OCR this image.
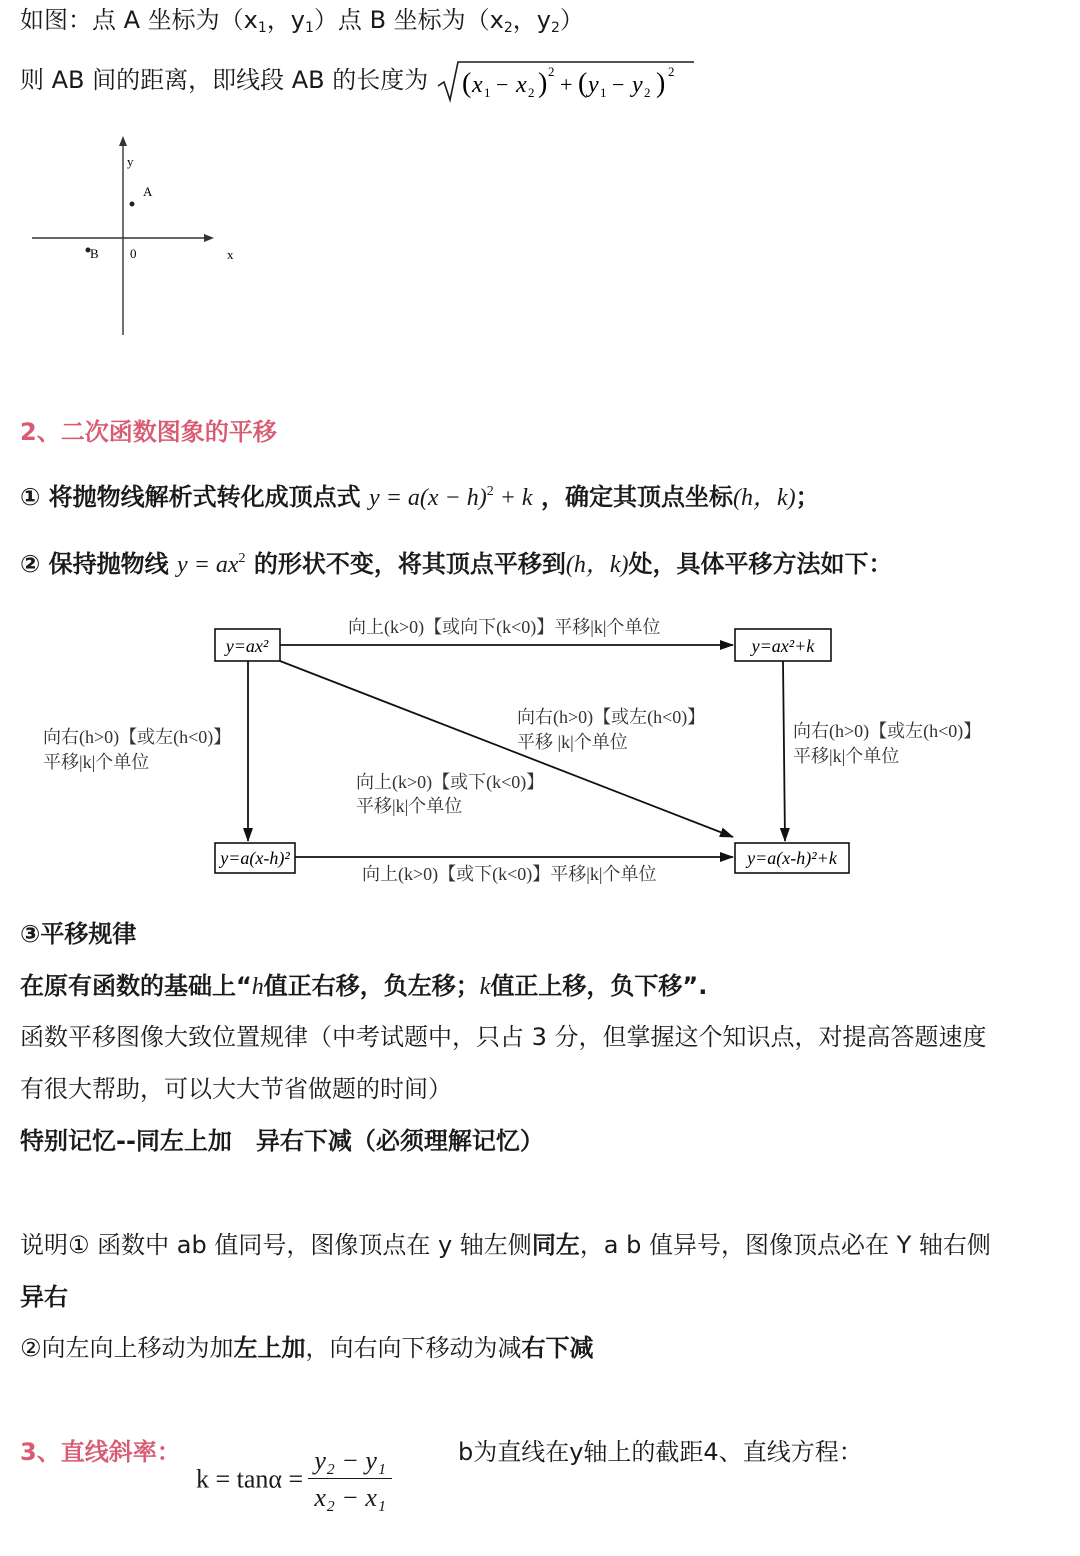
如图：点 A 坐标为（$x_1$，$y_1$）点 B 坐标为（$x_2$，$y_2$）
则 AB 间的距离，即线段 AB 的长度为 ( x 1 − x 2 ) 2
+ ( y 1 − y 2 ) 2
y
x
A
B 0
2、二次函数图象的平移
① 将抛物线解析式转化成顶点式 $y = a(x - h)^2 + k$ ，确定其顶点坐标(h，k)；
② 保持抛物线 $y = ax^2$ 的形状不变，将其顶点平移到(h，k)处，具体平移方法如下：
y=ax²	y=ax²+k
y=a(x-h)²	y=a(x-h)²+k
向上(k>0)【或向下(k<0)】平移|k|个单位
向右(h>0)【或左(h<0)】
平移|k|个单位
向右(h>0)【或左(h<0)】
平移|k|个单位
向右(h>0)【或左(h<0)】
平移 |k|个单位
向上(k>0)【或下(k<0)】
平移|k|个单位
向上(k>0)【或下(k<0)】平移|k|个单位
③平移规律
在原有函数的基础上“h值正右移，负左移；k值正上移，负下移”.
函数平移图像大致位置规律（中考试题中，只占 3 分，但掌握这个知识点，对提高答题速度
有很大帮助，可以大大节省做题的时间）
特别记忆--同左上加　异右下减（必须理解记忆）
说明① 函数中 ab 值同号，图像顶点在 y 轴左侧同左，a b 值异号，图像顶点必在 Y 轴右侧
异右
②向左向上移动为加左上加，向右向下移动为减右下减
3、直线斜率：
$k = \tan\alpha = \frac{\text{y₂ − y₁}}{\text{x₂ − x₁}}$	b为直线在y轴上的截距4、直线方程：
